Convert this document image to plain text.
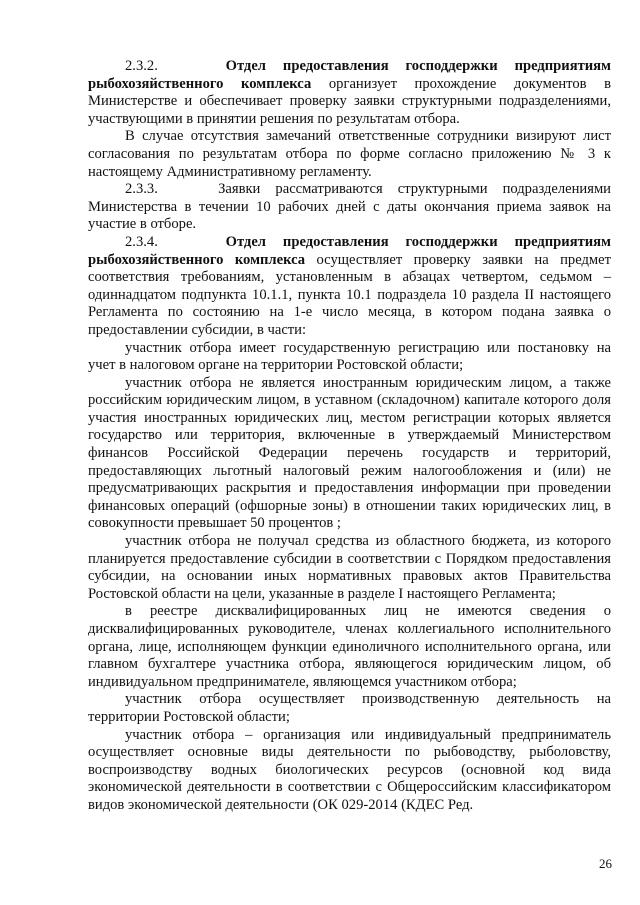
2.3.2.	Отдел предоставления господдержки предприятиям рыбохозяйственного комплекса организует прохождение документов в Министерстве и обеспечивает проверку заявки структурными подразделениями, участвующими в принятии решения по результатам отбора.

В случае отсутствия замечаний ответственные сотрудники визируют лист согласования по результатам отбора по форме согласно приложению № 3 к настоящему Административному регламенту.

2.3.3.	Заявки рассматриваются структурными подразделениями Министерства в течении 10 рабочих дней с даты окончания приема заявок на участие в отборе.

2.3.4.	Отдел предоставления господдержки предприятиям рыбохозяйственного комплекса осуществляет проверку заявки на предмет соответствия требованиям, установленным в абзацах четвертом, седьмом – одиннадцатом подпункта 10.1.1, пункта 10.1 подраздела 10 раздела II настоящего Регламента по состоянию на 1-е число месяца, в котором подана заявка о предоставлении субсидии, в части:

участник отбора имеет государственную регистрацию или постановку на учет в налоговом органе на территории Ростовской области;

участник отбора не является иностранным юридическим лицом, а также российским юридическим лицом, в уставном (складочном) капитале которого доля участия иностранных юридических лиц, местом регистрации которых является государство или территория, включенные в утверждаемый Министерством финансов Российской Федерации перечень государств и территорий, предоставляющих льготный налоговый режим налогообложения и (или) не предусматривающих раскрытия и предоставления информации при проведении финансовых операций (офшорные зоны) в отношении таких юридических лиц, в совокупности превышает 50 процентов ;

участник отбора не получал средства из областного бюджета, из которого планируется предоставление субсидии в соответствии с Порядком предоставления субсидии, на основании иных нормативных правовых актов Правительства Ростовской области на цели, указанные в разделе I настоящего Регламента;

в реестре дисквалифицированных лиц не имеются сведения о дисквалифицированных руководителе, членах коллегиального исполнительного органа, лице, исполняющем функции единоличного исполнительного органа, или главном бухгалтере участника отбора, являющегося юридическим лицом, об индивидуальном предпринимателе, являющемся участником отбора;

участник отбора осуществляет производственную деятельность на территории Ростовской области;

участник отбора – организация или индивидуальный предприниматель осуществляет основные виды деятельности по рыбоводству, рыболовству, воспроизводству водных биологических ресурсов (основной код вида экономической деятельности в соответствии с Общероссийским классификатором видов экономической деятельности (ОК 029-2014 (КДЕС Ред.

26
